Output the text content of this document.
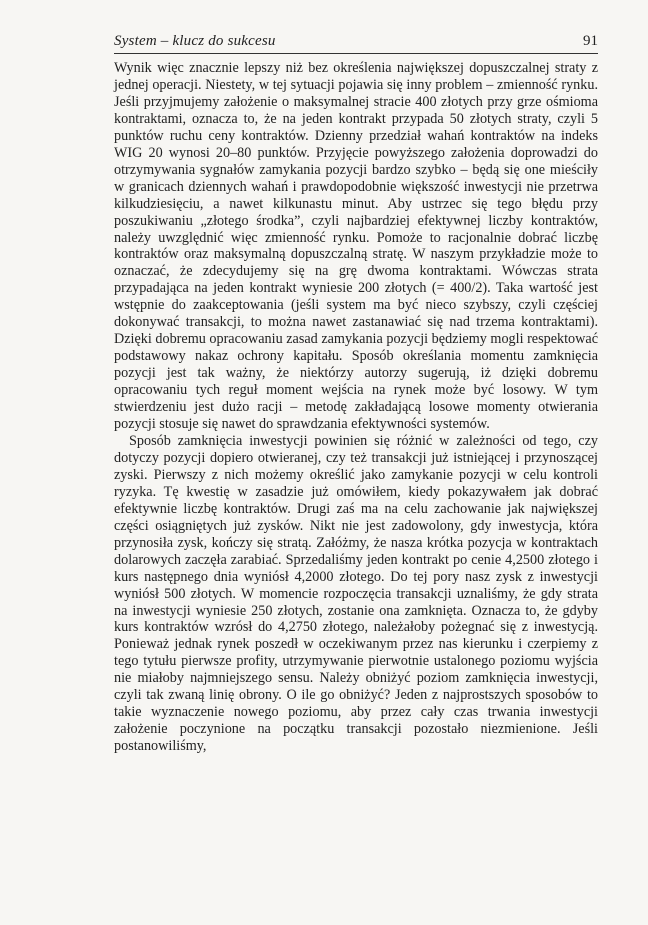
System – klucz do sukcesu	91

Wynik więc znacznie lepszy niż bez określenia największej dopuszczalnej straty z jednej operacji. Niestety, w tej sytuacji pojawia się inny problem – zmienność rynku. Jeśli przyjmujemy założenie o maksymalnej stracie 400 złotych przy grze ośmioma kontraktami, oznacza to, że na jeden kontrakt przypada 50 złotych straty, czyli 5 punktów ruchu ceny kontraktów. Dzienny przedział wahań kontraktów na indeks WIG 20 wynosi 20–80 punktów. Przyjęcie powyższego założenia doprowadzi do otrzymywania sygnałów zamykania pozycji bardzo szybko – będą się one mieściły w granicach dziennych wahań i prawdopodobnie większość inwestycji nie przetrwa kilkudziesięciu, a nawet kilkunastu minut. Aby ustrzec się tego błędu przy poszukiwaniu „złotego środka”, czyli najbardziej efektywnej liczby kontraktów, należy uwzględnić więc zmienność rynku. Pomoże to racjonalnie dobrać liczbę kontraktów oraz maksymalną dopuszczalną stratę. W naszym przykładzie może to oznaczać, że zdecydujemy się na grę dwoma kontraktami. Wówczas strata przypadająca na jeden kontrakt wyniesie 200 złotych (= 400/2). Taka wartość jest wstępnie do zaakceptowania (jeśli system ma być nieco szybszy, czyli częściej dokonywać transakcji, to można nawet zastanawiać się nad trzema kontraktami). Dzięki dobremu opracowaniu zasad zamykania pozycji będziemy mogli respektować podstawowy nakaz ochrony kapitału. Sposób określania momentu zamknięcia pozycji jest tak ważny, że niektórzy autorzy sugerują, iż dzięki dobremu opracowaniu tych reguł moment wejścia na rynek może być losowy. W tym stwierdzeniu jest dużo racji – metodę zakładającą losowe momenty otwierania pozycji stosuje się nawet do sprawdzania efektywności systemów.

Sposób zamknięcia inwestycji powinien się różnić w zależności od tego, czy dotyczy pozycji dopiero otwieranej, czy też transakcji już istniejącej i przynoszącej zyski. Pierwszy z nich możemy określić jako zamykanie pozycji w celu kontroli ryzyka. Tę kwestię w zasadzie już omówiłem, kiedy pokazywałem jak dobrać efektywnie liczbę kontraktów. Drugi zaś ma na celu zachowanie jak największej części osiągniętych już zysków. Nikt nie jest zadowolony, gdy inwestycja, która przynosiła zysk, kończy się stratą. Załóżmy, że nasza krótka pozycja w kontraktach dolarowych zaczęła zarabiać. Sprzedaliśmy jeden kontrakt po cenie 4,2500 złotego i kurs następnego dnia wyniósł 4,2000 złotego. Do tej pory nasz zysk z inwestycji wyniósł 500 złotych. W momencie rozpoczęcia transakcji uznaliśmy, że gdy strata na inwestycji wyniesie 250 złotych, zostanie ona zamknięta. Oznacza to, że gdyby kurs kontraktów wzrósł do 4,2750 złotego, należałoby pożegnać się z inwestycją. Ponieważ jednak rynek poszedł w oczekiwanym przez nas kierunku i czerpiemy z tego tytułu pierwsze profity, utrzymywanie pierwotnie ustalonego poziomu wyjścia nie miałoby najmniejszego sensu. Należy obniżyć poziom zamknięcia inwestycji, czyli tak zwaną linię obrony. O ile go obniżyć? Jeden z najprostszych sposobów to takie wyznaczenie nowego poziomu, aby przez cały czas trwania inwestycji założenie poczynione na początku transakcji pozostało niezmienione. Jeśli postanowiliśmy,
